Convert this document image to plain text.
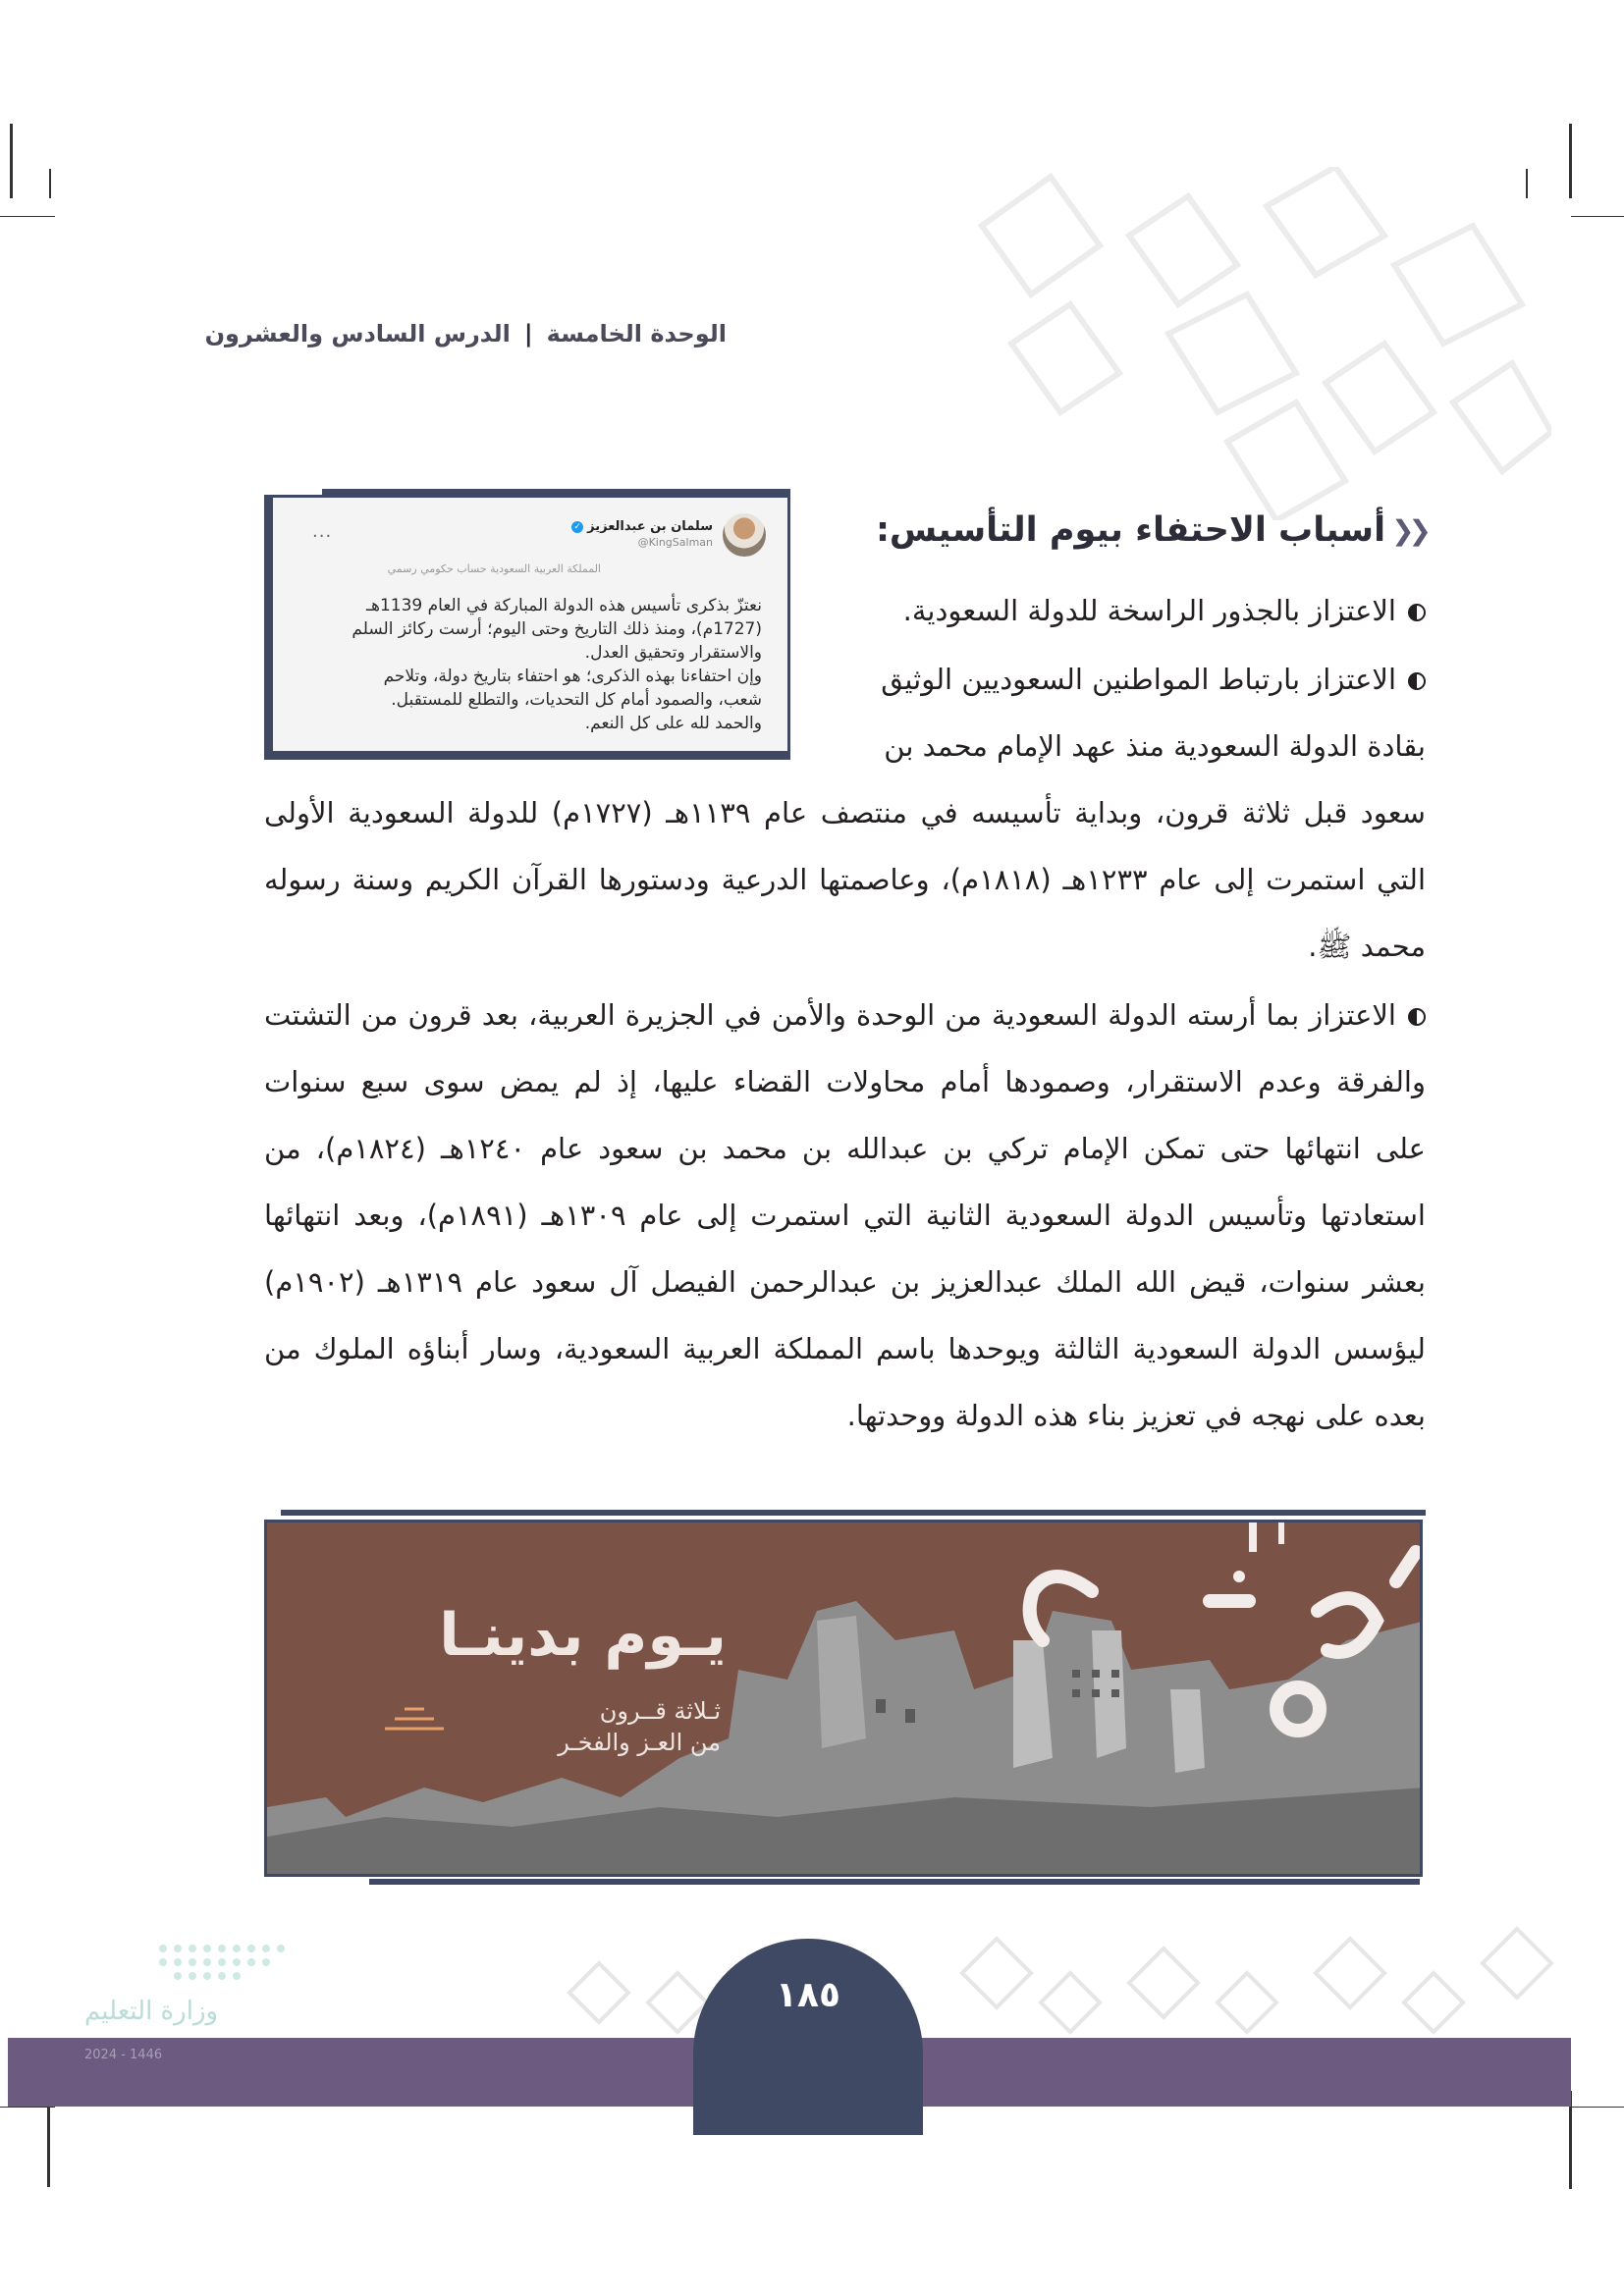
الوحدة الخامسة|الدرس السادس والعشرون
سلمان بن عبدالعزيز✓
@KingSalman
...
المملكة العربية السعودية حساب حكومي رسمي

نعتزّ بذكرى تأسيس هذه الدولة المباركة في العام 1139هـ

(1727م)، ومنذ ذلك التاريخ وحتى اليوم؛ أرست ركائز السلم

والاستقرار وتحقيق العدل.

وإن احتفاءنا بهذه الذكرى؛ هو احتفاء بتاريخ دولة، وتلاحم

شعب، والصمود أمام كل التحديات، والتطلع للمستقبل.

والحمد لله على كل النعم.

❮❮
أسباب الاحتفاء بيوم التأسيس:
الاعتزاز بالجذور الراسخة للدولة السعودية.
الاعتزاز بارتباط المواطنين السعوديين الوثيق
بقادة الدولة السعودية منذ عهد الإمام محمد بن
سعود قبل ثلاثة قرون، وبداية تأسيسه في منتصف عام ١١٣٩هـ (١٧٢٧م) للدولة السعودية الأولى
التي استمرت إلى عام ١٢٣٣هـ (١٨١٨م)، وعاصمتها الدرعية ودستورها القرآن الكريم وسنة رسوله
محمد ﷺ.
الاعتزاز بما أرسته الدولة السعودية من الوحدة والأمن في الجزيرة العربية، بعد قرون من التشتت
والفرقة وعدم الاستقرار، وصمودها أمام محاولات القضاء عليها، إذ لم يمض سوى سبع سنوات
على انتهائها حتى تمكن الإمام تركي بن عبدالله بن محمد بن سعود عام ١٢٤٠هـ (١٨٢٤م)، من
استعادتها وتأسيس الدولة السعودية الثانية التي استمرت إلى عام ١٣٠٩هـ (١٨٩١م)، وبعد انتهائها
بعشر سنوات، قيض الله الملك عبدالعزيز بن عبدالرحمن الفيصل آل سعود عام ١٣١٩هـ (١٩٠٢م)
ليؤسس الدولة السعودية الثالثة ويوحدها باسم المملكة العربية السعودية، وسار أبناؤه الملوك من
بعده على نهجه في تعزيز بناء هذه الدولة ووحدتها.
يـوم بدينـا
ثـلاثة قــرون
من العـز والفخـر
١٨٥
وزارة التعليم
2024 - 1446
